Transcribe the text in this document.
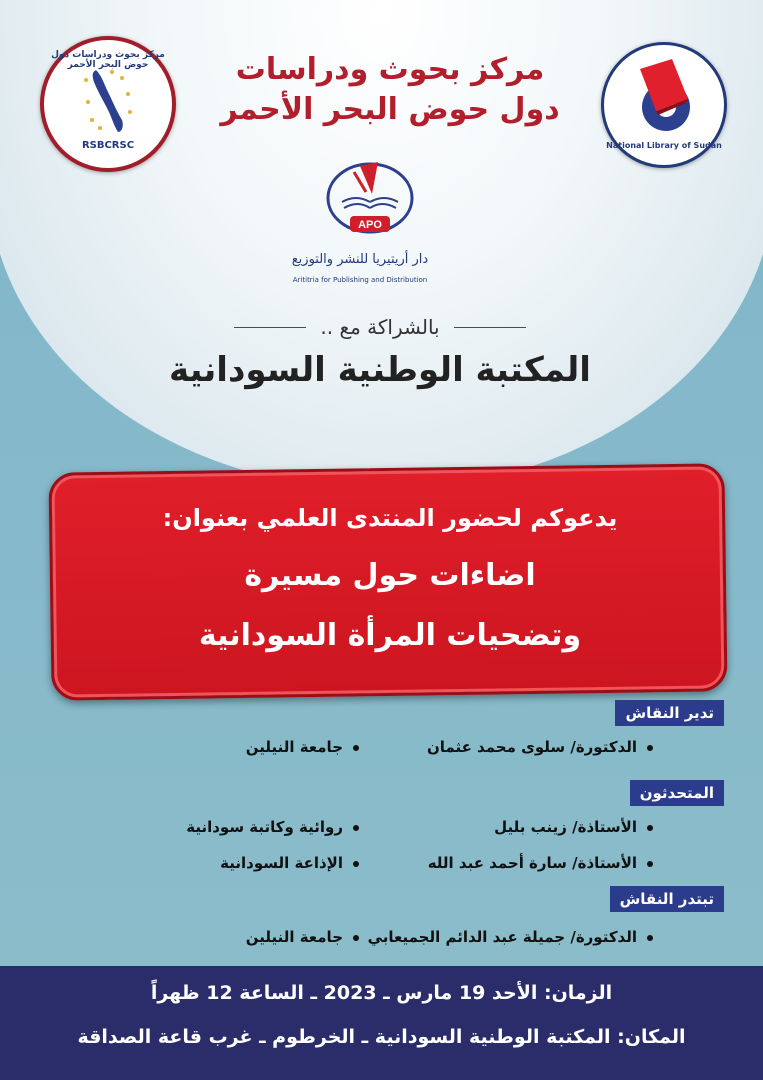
مركز بحوث ودراسات دول حوض البحر الأحمر
RSBCRSC	National Library of Sudan
مركز بحوث ودراسات
دول حوض البحر الأحمر
APO
دار أريتيريا للنشر والتوزيع
Arititria for Publishing and Distribution
بالشراكة مع ..
المكتبة الوطنية السودانية
يدعوكم لحضور المنتدى العلمي بعنوان:
اضاءات حول مسيرة
وتضحيات المرأة السودانية
تدير النقاش
الدكتورة/ سلوى محمد عثمان
جامعة النيلين
المتحدثون
الأستاذة/ زينب بليل
روائية وكاتبة سودانية
الأستاذة/ سارة أحمد عبد الله
الإذاعة السودانية
تبتدر النقاش
الدكتورة/ جميلة عبد الدائم الجميعابي
جامعة النيلين
الزمان: الأحد 19 مارس ـ 2023 ـ الساعة 12 ظهراً
المكان: المكتبة الوطنية السودانية ـ الخرطوم ـ غرب قاعة الصداقة
